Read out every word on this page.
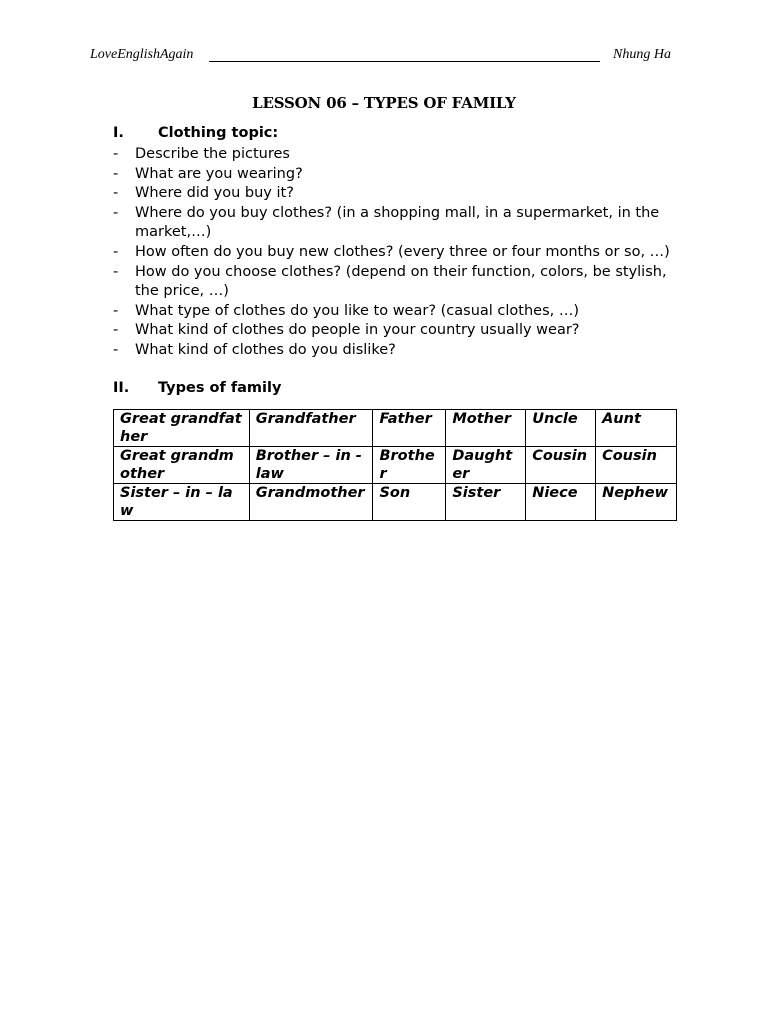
LoveEnglishAgain	Nhung Ha
LESSON 06 – TYPES OF FAMILY
I. Clothing topic:
- Describe the pictures
- What are you wearing?
- Where did you buy it?
- Where do you buy clothes? (in a shopping mall, in a supermarket, in the market,…)
- How often do you buy new clothes? (every three or four months or so, …)
- How do you choose clothes? (depend on their function, colors, be stylish, the price, …)
- What type of clothes do you like to wear? (casual clothes, …)
- What kind of clothes do people in your country usually wear?
- What kind of clothes do you dislike?
II. Types of family
Great grandfather	Grandfather	Father	Mother	Uncle	Aunt
Great grandmother	Brother – in - law	Brother	Daughter	Cousin	Cousin
Sister – in – law	Grandmother	Son	Sister	Niece	Nephew
